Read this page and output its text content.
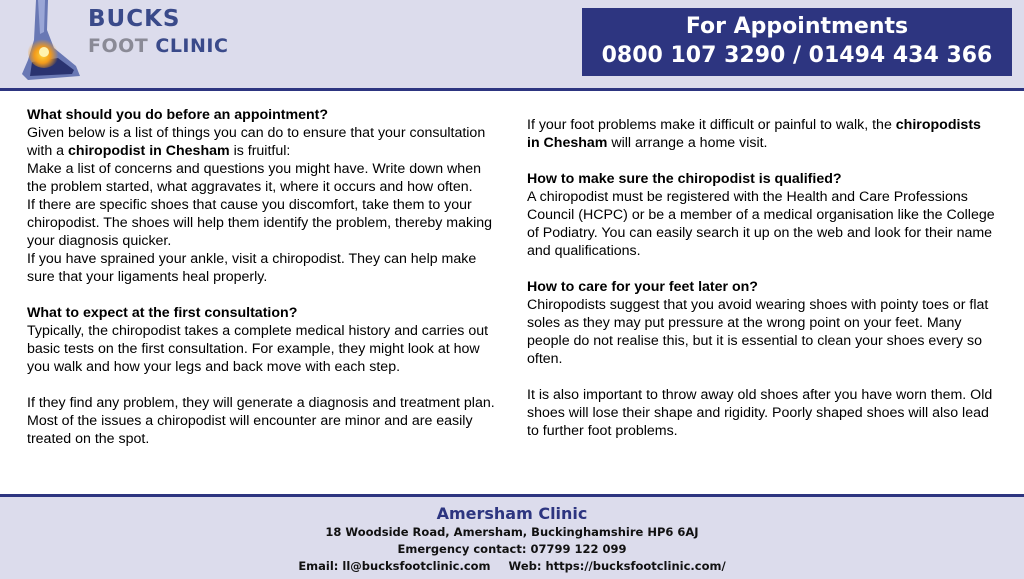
BUCKS
FOOT CLINIC
For Appointments
0800 107 3290 / 01494 434 366

What should you do before an appointment?

Given below is a list of things you can do to ensure that your consultation with a chiropodist in Chesham is fruitful:

Make a list of concerns and questions you might have. Write down when the problem started, what aggravates it, where it occurs and how often.

If there are specific shoes that cause you discomfort, take them to your chiropodist. The shoes will help them identify the problem, thereby making your diagnosis quicker.

If you have sprained your ankle, visit a chiropodist. They can help make sure that your ligaments heal properly.

What to expect at the first consultation?

Typically, the chiropodist takes a complete medical history and carries out basic tests on the first consultation. For example, they might look at how you walk and how your legs and back move with each step.

If they find any problem, they will generate a diagnosis and treatment plan. Most of the issues a chiropodist will encounter are minor and are easily treated on the spot.

If your foot problems make it difficult or painful to walk, the chiropodists in Chesham will arrange a home visit.

How to make sure the chiropodist is qualified?

A chiropodist must be registered with the Health and Care Professions Council (HCPC) or be a member of a medical organisation like the College of Podiatry. You can easily search it up on the web and look for their name and qualifications.

How to care for your feet later on?

Chiropodists suggest that you avoid wearing shoes with pointy toes or flat soles as they may put pressure at the wrong point on your feet. Many people do not realise this, but it is essential to clean your shoes every so often.

It is also important to throw away old shoes after you have worn them. Old shoes will lose their shape and rigidity. Poorly shaped shoes will also lead to further foot problems.

Amersham Clinic
18 Woodside Road, Amersham, Buckinghamshire HP6 6AJ
Emergency contact: 07799 122 099
Email: ll@bucksfootclinic.com Web: https://bucksfootclinic.com/
